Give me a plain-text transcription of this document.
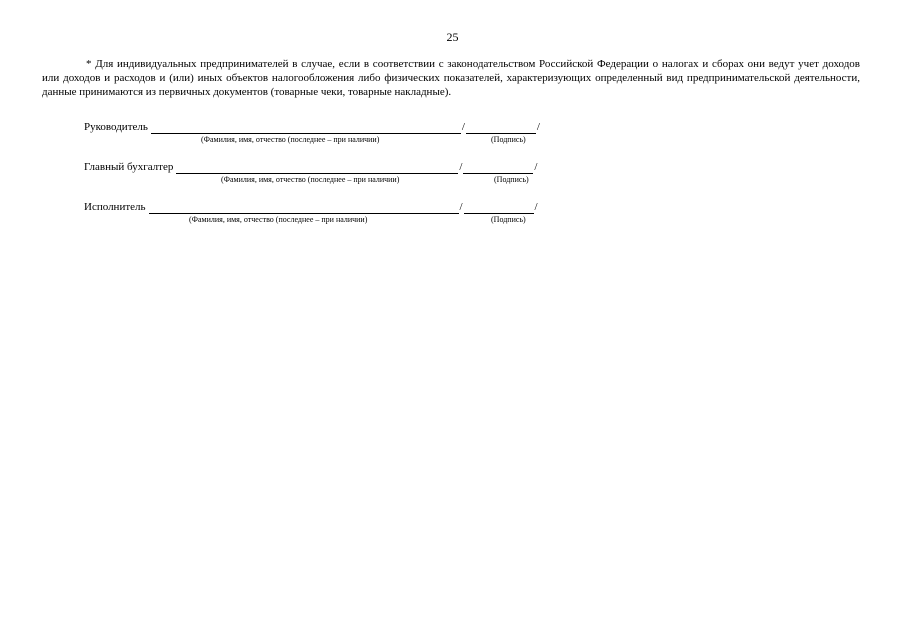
25

* Для индивидуальных предпринимателей в случае, если в соответствии с законодательством Российской Федерации о налогах и сборах они ведут учет доходов или доходов и расходов и (или) иных объектов налогообложения либо физических показателей, характеризующих определенный вид предпринимательской деятельности, данные принимаются из первичных документов (товарные чеки, товарные накладные).

Руководитель	/	/
(Фамилия, имя, отчество (последнее – при наличии)	(Подпись)
Главный бухгалтер	/	/
(Фамилия, имя, отчество (последнее – при наличии)	(Подпись)
Исполнитель	/	/
(Фамилия, имя, отчество (последнее – при наличии)	(Подпись)
